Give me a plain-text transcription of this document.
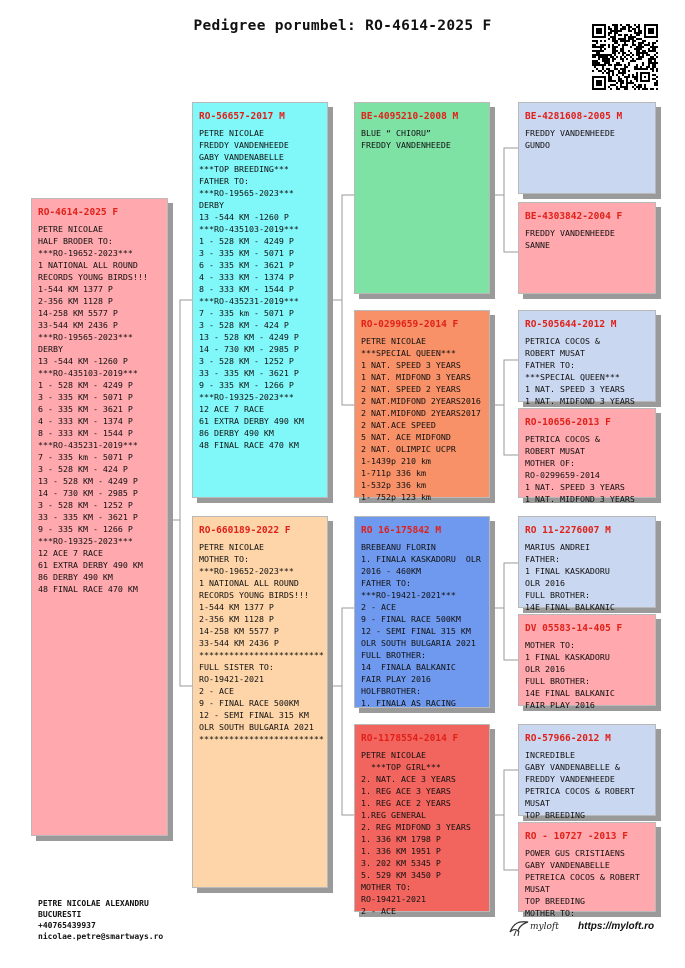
Pedigree porumbel: RO-4614-2025 F
RO-4614-2025 F
PETRE NICOLAE
HALF BRODER TO:
***RO-19652-2023***
1 NATIONAL ALL ROUND
RECORDS YOUNG BIRDS!!!
1-544 KM 1377 P
2-356 KM 1128 P
14-258 KM 5577 P
33-544 KM 2436 P
***RO-19565-2023***
DERBY
13 -544 KM -1260 P
***RO-435103-2019***
1 - 528 KM - 4249 P
3 - 335 KM - 5071 P
6 - 335 KM - 3621 P
4 - 333 KM - 1374 P
8 - 333 KM - 1544 P
***RO-435231-2019***
7 - 335 km - 5071 P
3 - 528 KM - 424 P
13 - 528 KM - 4249 P
14 - 730 KM - 2985 P
3 - 528 KM - 1252 P
33 - 335 KM - 3621 P
9 - 335 KM - 1266 P
***RO-19325-2023***
12 ACE 7 RACE
61 EXTRA DERBY 490 KM
86 DERBY 490 KM
48 FINAL RACE 470 KM
RO-56657-2017 M
PETRE NICOLAE
FREDDY VANDENHEEDE
GABY VANDENABELLE
***TOP BREEDING***
FATHER TO:
***RO-19565-2023***
DERBY
13 -544 KM -1260 P
***RO-435103-2019***
1 - 528 KM - 4249 P
3 - 335 KM - 5071 P
6 - 335 KM - 3621 P
4 - 333 KM - 1374 P
8 - 333 KM - 1544 P
***RO-435231-2019***
7 - 335 km - 5071 P
3 - 528 KM - 424 P
13 - 528 KM - 4249 P
14 - 730 KM - 2985 P
3 - 528 KM - 1252 P
33 - 335 KM - 3621 P
9 - 335 KM - 1266 P
***RO-19325-2023***
12 ACE 7 RACE
61 EXTRA DERBY 490 KM
86 DERBY 490 KM
48 FINAL RACE 470 KM
RO-660189-2022 F
PETRE NICOLAE
MOTHER TO:
***RO-19652-2023***
1 NATIONAL ALL ROUND
RECORDS YOUNG BIRDS!!!
1-544 KM 1377 P
2-356 KM 1128 P
14-258 KM 5577 P
33-544 KM 2436 P
*************************
FULL SISTER TO:
RO-19421-2021
2 - ACE
9 - FINAL RACE 500KM
12 - SEMI FINAL 315 KM
OLR SOUTH BULGARIA 2021
*************************
BE-4095210-2008 M
BLUE “ CHIORU”
FREDDY VANDENHEEDE
RO-0299659-2014 F
PETRE NICOLAE
***SPECIAL QUEEN***
1 NAT. SPEED 3 YEARS
1 NAT. MIDFOND 3 YEARS
2 NAT. SPEED 2 YEARS
2 NAT.MIDFOND 2YEARS2016
2 NAT.MIDFOND 2YEARS2017
2 NAT.ACE SPEED
5 NAT. ACE MIDFOND
2 NAT. OLIMPIC UCPR
1-1439p 210 km
1-711p 336 km
1-532p 336 km
1- 752p 123 km
RO 16-175842 M
BREBEANU FLORIN
1. FINALA KASKADORU  OLR
2016 - 460KM
FATHER TO:
***RO-19421-2021***
2 - ACE
9 - FINAL RACE 500KM
12 - SEMI FINAL 315 KM
OLR SOUTH BULGARIA 2021
FULL BROTHER:
14  FINALA BALKANIC
FAIR PLAY 2016
HOLFBROTHER:
1. FINALA AS RACING
RO-1178554-2014 F
PETRE NICOLAE
***TOP GIRL***
2. NAT. ACE 3 YEARS
1. REG ACE 3 YEARS
1. REG ACE 2 YEARS
1.REG GENERAL
2. REG MIDFOND 3 YEARS
1. 336 KM 1798 P
1. 336 KM 1951 P
3. 202 KM 5345 P
5. 529 KM 3450 P
MOTHER TO:
RO-19421-2021
2 - ACE
BE-4281608-2005 M
FREDDY VANDENHEEDE
GUNDO
BE-4303842-2004 F
FREDDY VANDENHEEDE
SANNE
RO-505644-2012 M
PETRICA COCOS &
ROBERT MUSAT
FATHER TO:
***SPECIAL QUEEN***
1 NAT. SPEED 3 YEARS
1 NAT. MIDFOND 3 YEARS
RO-10656-2013 F
PETRICA COCOS &
ROBERT MUSAT
MOTHER OF:
RO-0299659-2014
1 NAT. SPEED 3 YEARS
1 NAT. MIDFOND 3 YEARS
RO 11-2276007 M
MARIUS ANDREI
FATHER:
1 FINAL KASKADORU
OLR 2016
FULL BROTHER:
14E FINAL BALKANIC
DV 05583-14-405 F
MOTHER TO:
1 FINAL KASKADORU
OLR 2016
FULL BROTHER:
14E FINAL BALKANIC
FAIR PLAY 2016
RO-57966-2012 M
INCREDIBLE
GABY VANDENABELLE &
FREDDY VANDENHEEDE
PETRICA COCOS & ROBERT
MUSAT
TOP BREEDING
RO - 10727 -2013 F
POWER GUS CRISTIAENS
GABY VANDENABELLE
PETREICA COCOS & ROBERT
MUSAT
TOP BREEDING
MOTHER TO:
PETRE NICOLAE ALEXANDRU
BUCURESTI
+40765439937
nicolae.petre@smartways.ro
myloft https://myloft.ro
